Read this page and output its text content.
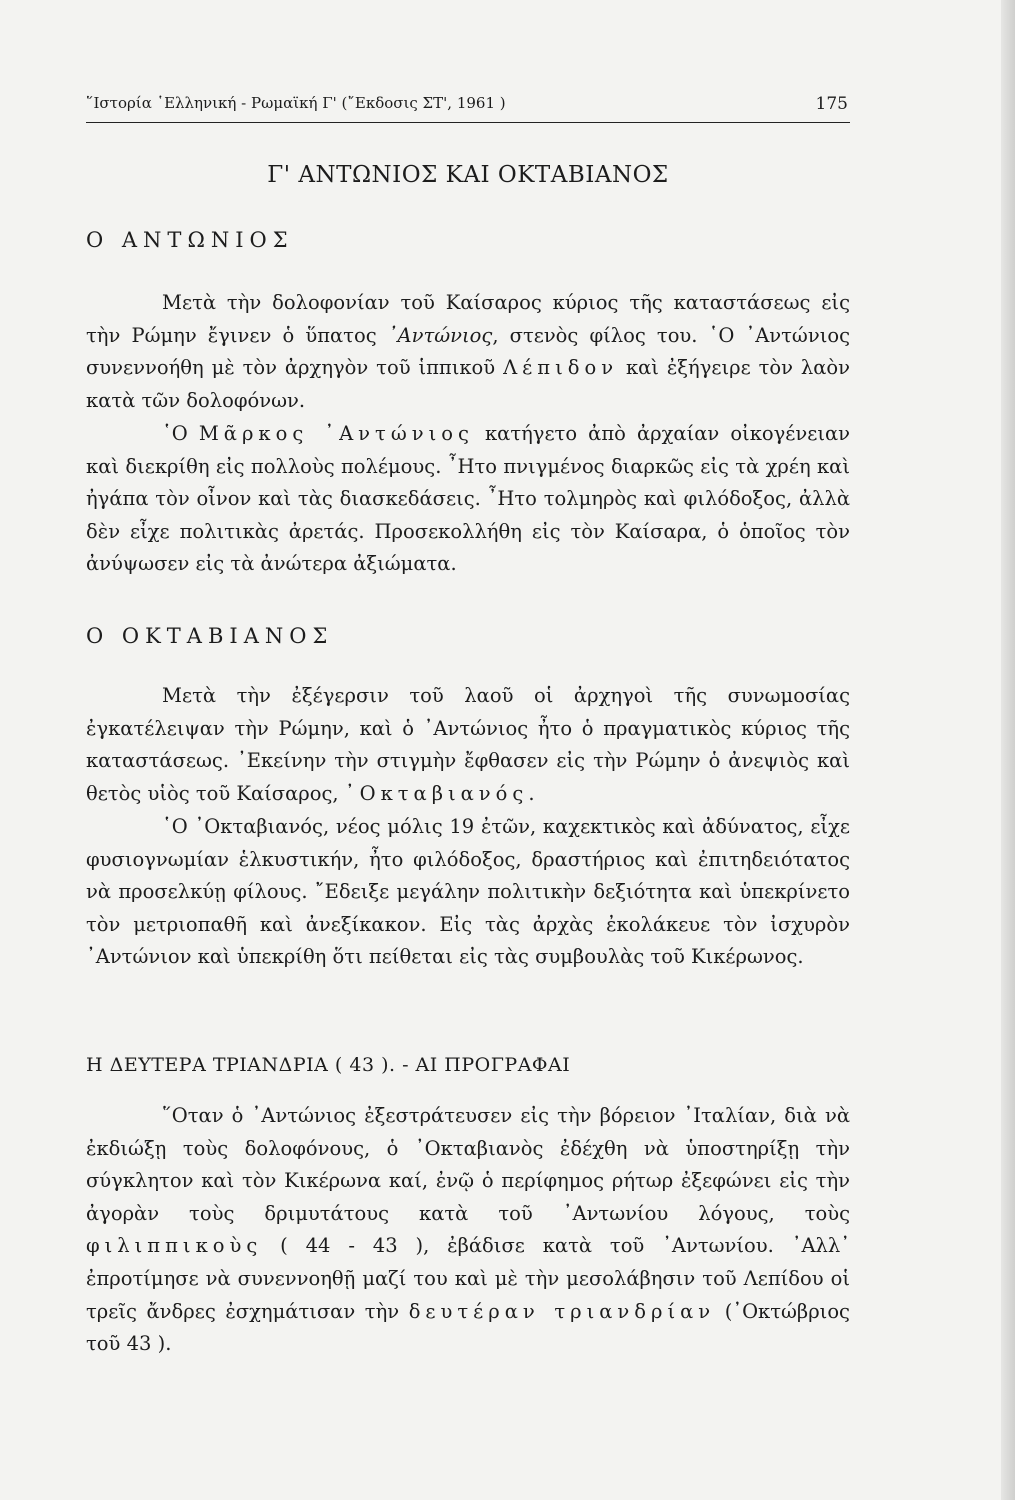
῞Ιστορία ῾Ελληνική - Ρωμαϊκή Γ' (῎Εκδοσις ΣΤ', 1961 )	175
Γ' ΑΝΤΩΝΙΟΣ ΚΑΙ ΟΚΤΑΒΙΑΝΟΣ
Ο ΑΝΤΩΝΙΟΣ
Μετὰ τὴν δολοφονίαν τοῦ Καίσαρος κύριος τῆς καταστάσεως εἰς τὴν Ρώμην ἔγινεν ὁ ὕπατος ᾿Αντώνιος, στενὸς φίλος του. ῾Ο ᾿Αντώνιος συνεννοήθη μὲ τὸν ἀρχηγὸν τοῦ ἱππικοῦ Λέπιδον καὶ ἐξήγειρε τὸν λαὸν κατὰ τῶν δολοφόνων.
῾Ο Μᾶρκος ᾿Αντώνιος κατήγετο ἀπὸ ἀρχαίαν οἰκογένειαν καὶ διεκρίθη εἰς πολλοὺς πολέμους. ῏Ητο πνιγμένος διαρκῶς εἰς τὰ χρέη καὶ ἠγάπα τὸν οἶνον καὶ τὰς διασκεδάσεις. ῏Ητο τολμηρὸς καὶ φιλόδοξος, ἀλλὰ δὲν εἶχε πολιτικὰς ἀρετάς. Προσεκολλήθη εἰς τὸν Καίσαρα, ὁ ὁποῖος τὸν ἀνύψωσεν εἰς τὰ ἀνώτερα ἀξιώματα.
Ο ΟΚΤΑΒΙΑΝΟΣ
Μετὰ τὴν ἐξέγερσιν τοῦ λαοῦ οἱ ἀρχηγοὶ τῆς συνωμοσίας ἐγκατέλειψαν τὴν Ρώμην, καὶ ὁ ᾿Αντώνιος ἦτο ὁ πραγματικὸς κύριος τῆς καταστάσεως. ᾿Εκείνην τὴν στιγμὴν ἔφθασεν εἰς τὴν Ρώμην ὁ ἀνεψιὸς καὶ θετὸς υἱὸς τοῦ Καίσαρος, ᾿Οκταβιανός.
῾Ο ᾿Οκταβιανός, νέος μόλις 19 ἐτῶν, καχεκτικὸς καὶ ἀδύνατος, εἶχε φυσιογνωμίαν ἑλκυστικήν, ἦτο φιλόδοξος, δραστήριος καὶ ἐπιτηδειότατος νὰ προσελκύῃ φίλους. ῎Εδειξε μεγάλην πολιτικὴν δεξιότητα καὶ ὑπεκρίνετο τὸν μετριοπαθῆ καὶ ἀνεξίκακον. Εἰς τὰς ἀρχὰς ἐκολάκευε τὸν ἰσχυρὸν ᾿Αντώνιον καὶ ὑπεκρίθη ὅτι πείθεται εἰς τὰς συμβουλὰς τοῦ Κικέρωνος.
Η ΔΕΥΤΕΡΑ ΤΡΙΑΝΔΡΙΑ ( 43 ). - ΑΙ ΠΡΟΓΡΑΦΑΙ
῞Οταν ὁ ᾿Αντώνιος ἐξεστράτευσεν εἰς τὴν βόρειον ᾿Ιταλίαν, διὰ νὰ ἐκδιώξῃ τοὺς δολοφόνους, ὁ ᾿Οκταβιανὸς ἐδέχθη νὰ ὑποστηρίξῃ τὴν σύγκλητον καὶ τὸν Κικέρωνα καί, ἐνῷ ὁ περίφημος ρήτωρ ἐξεφώνει εἰς τὴν ἀγορὰν τοὺς δριμυτάτους κατὰ τοῦ ᾿Αντωνίου λόγους, τοὺς φιλιππικοὺς ( 44 - 43 ), ἐβάδισε κατὰ τοῦ ᾿Αντωνίου. ᾿Αλλ᾿ ἐπροτίμησε νὰ συνεννοηθῇ μαζί του καὶ μὲ τὴν μεσολάβησιν τοῦ Λεπίδου οἱ τρεῖς ἄνδρες ἐσχημάτισαν τὴν δευτέραν τριανδρίαν (᾿Οκτώβριος τοῦ 43 ).
